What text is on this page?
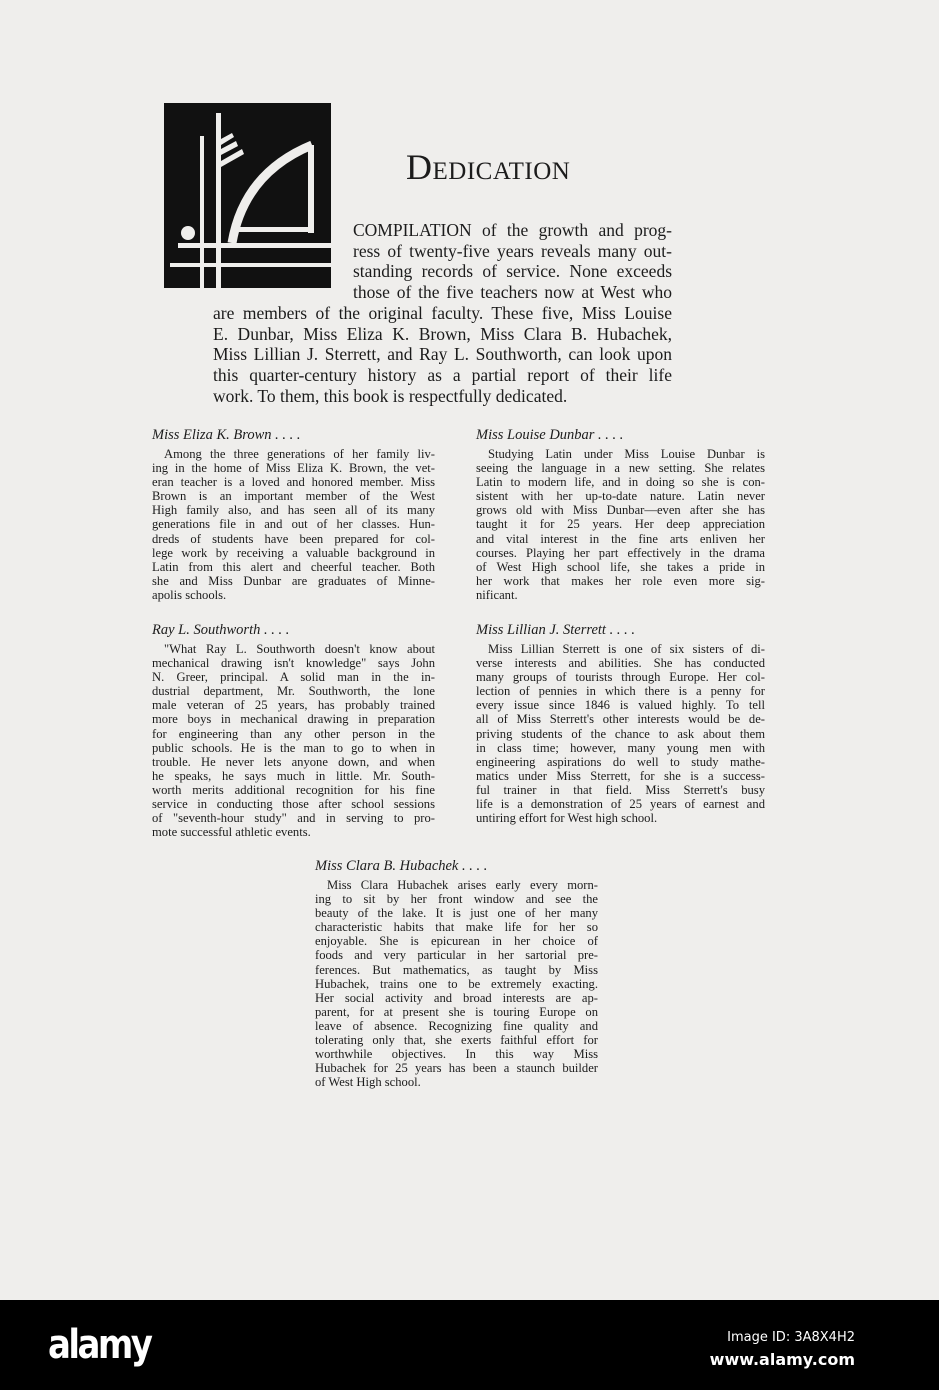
Dedication
COMPILATION of the growth and prog-
ress of twenty-five years reveals many out-
standing records of service. None exceeds
those of the five teachers now at West who
are members of the original faculty. These five, Miss Louise
E. Dunbar, Miss Eliza K. Brown, Miss Clara B. Hubachek,
Miss Lillian J. Sterrett, and Ray L. Southworth, can look upon
this quarter-century history as a partial report of their life
work. To them, this book is respectfully dedicated.
Miss Eliza K. Brown . . . .
Among the three generations of her family liv-
ing in the home of Miss Eliza K. Brown, the vet-
eran teacher is a loved and honored member. Miss
Brown is an important member of the West
High family also, and has seen all of its many
generations file in and out of her classes. Hun-
dreds of students have been prepared for col-
lege work by receiving a valuable background in
Latin from this alert and cheerful teacher. Both
she and Miss Dunbar are graduates of Minne-
apolis schools.
Miss Louise Dunbar . . . .
Studying Latin under Miss Louise Dunbar is
seeing the language in a new setting. She relates
Latin to modern life, and in doing so she is con-
sistent with her up-to-date nature. Latin never
grows old with Miss Dunbar—even after she has
taught it for 25 years. Her deep appreciation
and vital interest in the fine arts enliven her
courses. Playing her part effectively in the drama
of West High school life, she takes a pride in
her work that makes her role even more sig-
nificant.
Ray L. Southworth . . . .
"What Ray L. Southworth doesn't know about
mechanical drawing isn't knowledge" says John
N. Greer, principal. A solid man in the in-
dustrial department, Mr. Southworth, the lone
male veteran of 25 years, has probably trained
more boys in mechanical drawing in preparation
for engineering than any other person in the
public schools. He is the man to go to when in
trouble. He never lets anyone down, and when
he speaks, he says much in little. Mr. South-
worth merits additional recognition for his fine
service in conducting those after school sessions
of "seventh-hour study" and in serving to pro-
mote successful athletic events.
Miss Lillian J. Sterrett . . . .
Miss Lillian Sterrett is one of six sisters of di-
verse interests and abilities. She has conducted
many groups of tourists through Europe. Her col-
lection of pennies in which there is a penny for
every issue since 1846 is valued highly. To tell
all of Miss Sterrett's other interests would be de-
priving students of the chance to ask about them
in class time; however, many young men with
engineering aspirations do well to study mathe-
matics under Miss Sterrett, for she is a success-
ful trainer in that field. Miss Sterrett's busy
life is a demonstration of 25 years of earnest and
untiring effort for West high school.
Miss Clara B. Hubachek . . . .
Miss Clara Hubachek arises early every morn-
ing to sit by her front window and see the
beauty of the lake. It is just one of her many
characteristic habits that make life for her so
enjoyable. She is epicurean in her choice of
foods and very particular in her sartorial pre-
ferences. But mathematics, as taught by Miss
Hubachek, trains one to be extremely exacting.
Her social activity and broad interests are ap-
parent, for at present she is touring Europe on
leave of absence. Recognizing fine quality and
tolerating only that, she exerts faithful effort for
worthwhile objectives. In this way Miss
Hubachek for 25 years has been a staunch builder
of West High school.
alamy	Image ID: 3A8X4H2
www.alamy.com
